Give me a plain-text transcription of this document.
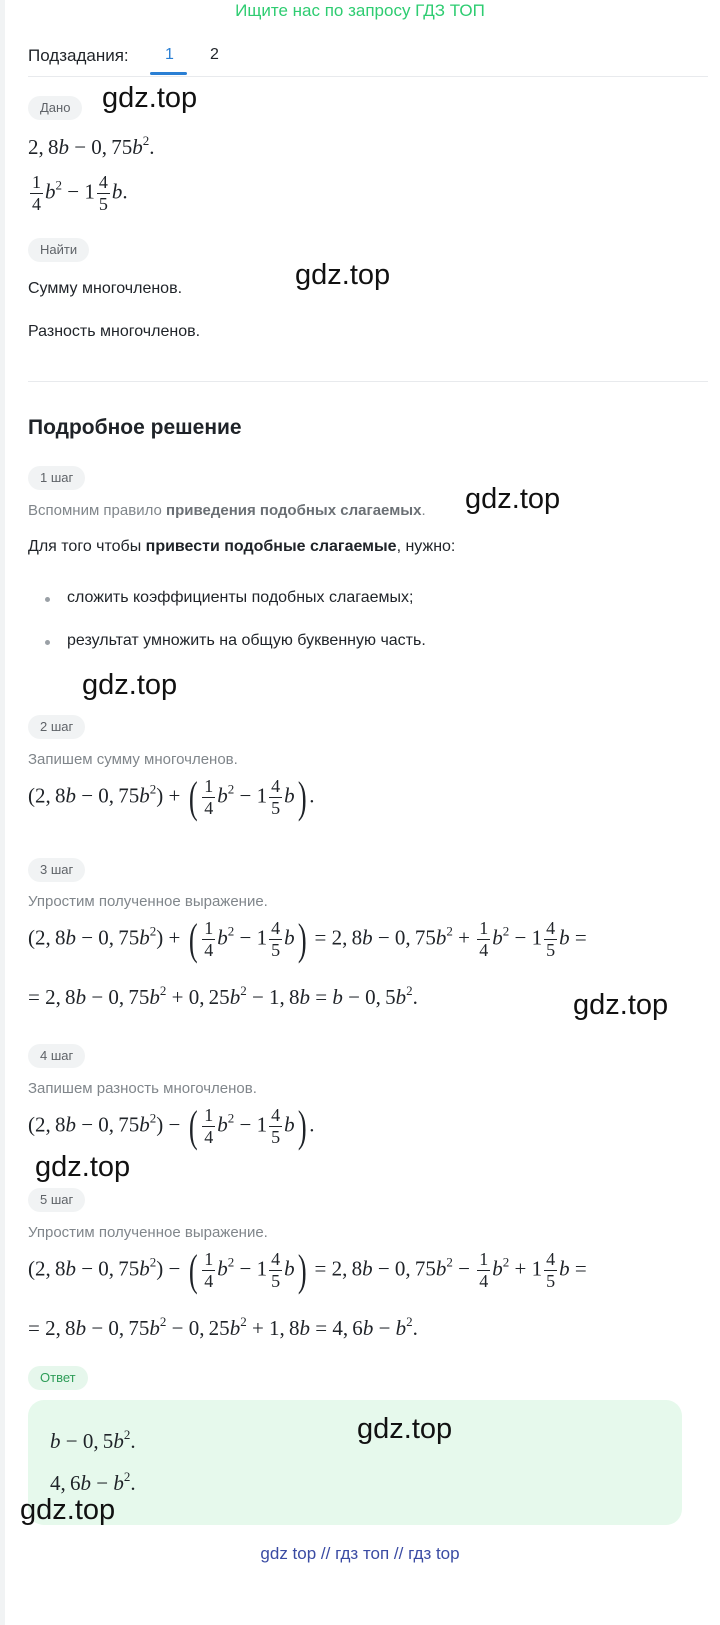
Ищите нас по запросу ГДЗ ТОП
Подзадания: 1 2
Дано
2, 8b − 0, $75b^2$.
$\frac{1}{4} b^2 - 1 \frac{4}{5} b$.
Найти
Сумму многочленов.
Разность многочленов.
Подробное решение
1 шаг
Вспомним правило приведения подобных слагаемых.
Для того чтобы привести подобные слагаемые, нужно:
сложить коэффициенты подобных слагаемых;
результат умножить на общую буквенную часть.
2 шаг
Запишем сумму многочленов.
(2, 8b − 0, $75b^2$) + ( $\frac{1}{4} b^2 - 1 \frac{4}{5} b$) .
3 шаг
Упростим полученное выражение.
(2, 8b − 0, $75b^2$) + ( $\frac{1}{4} b^2 - 1 \frac{4}{5} b) = 2$, 8b − 0, $75b^2 + \frac{1}{4} b^2 - 1 \frac{4}{5}$ b =
= 2, 8b − 0, $75b^2 + 0$, $25b^2 - 1$, 8b = b − 0, $5b^2$.
4 шаг
Запишем разность многочленов.
(2, 8b − 0, $75b^2$) − ( $\frac{1}{4} b^2 - 1 \frac{4}{5} b$) .
5 шаг
Упростим полученное выражение.
(2, 8b − 0, $75b^2$) − ( $\frac{1}{4} b^2 - 1 \frac{4}{5} b) = 2$, 8b − 0, $75b^2 - \frac{1}{4} b^2 + 1 \frac{4}{5}$ b =
= 2, 8b − 0, $75b^2 - 0$, $25b^2 + 1$, 8b = 4, $6b - b^2$.
Ответ
b − 0, $5b^2$.
4, $6b - b^2$.
gdz.top
gdz.top
gdz.top
gdz.top
gdz.top
gdz.top
gdz.top
gdz.top
gdz top // гдз топ // гдз top
